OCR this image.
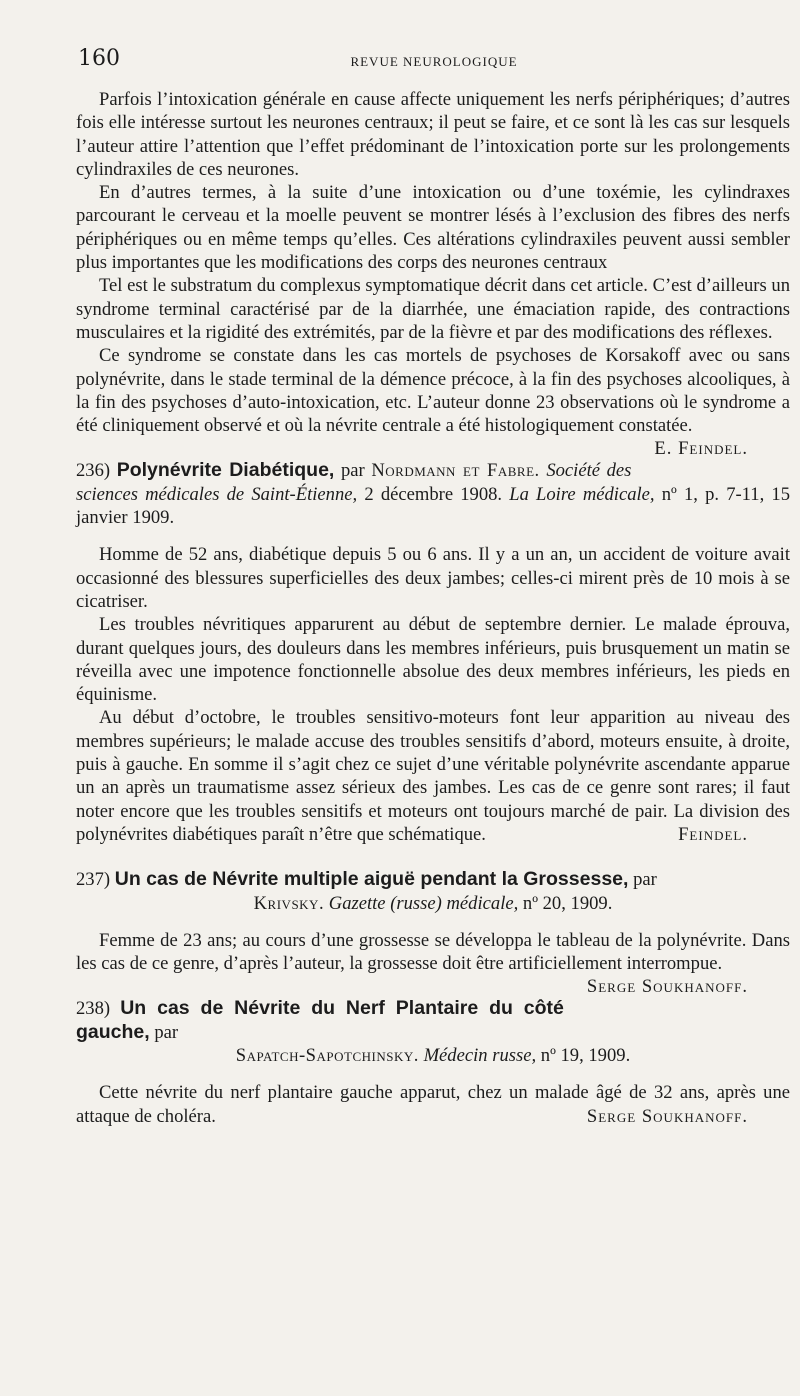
160	REVUE NEUROLOGIQUE

Parfois l’intoxication générale en cause affecte uniquement les nerfs périphériques; d’autres fois elle intéresse surtout les neurones centraux; il peut se faire, et ce sont là les cas sur lesquels l’auteur attire l’attention que l’effet prédominant de l’intoxication porte sur les prolongements cylindraxiles de ces neurones.

En d’autres termes, à la suite d’une intoxication ou d’une toxémie, les cylindraxes parcourant le cerveau et la moelle peuvent se montrer lésés à l’exclusion des fibres des nerfs périphériques ou en même temps qu’elles. Ces altérations cylindraxiles peuvent aussi sembler plus importantes que les modifications des corps des neurones centraux

Tel est le substratum du complexus symptomatique décrit dans cet article. C’est d’ailleurs un syndrome terminal caractérisé par de la diarrhée, une émaciation rapide, des contractions musculaires et la rigidité des extrémités, par de la fièvre et par des modifications des réflexes.

Ce syndrome se constate dans les cas mortels de psychoses de Korsakoff avec ou sans polynévrite, dans le stade terminal de la démence précoce, à la fin des psychoses alcooliques, à la fin des psychoses d’auto-intoxication, etc. L’auteur donne 23 observations où le syndrome a été cliniquement observé et où la névrite centrale a été histologiquement constatée.
E. Feindel.

236) Polynévrite Diabétique, par Nordmann et Fabre. Société des sciences médicales de Saint-Étienne, 2 décembre 1908. La Loire médicale, nº 1, p. 7-11, 15 janvier 1909.

Homme de 52 ans, diabétique depuis 5 ou 6 ans. Il y a un an, un accident de voiture avait occasionné des blessures superficielles des deux jambes; celles-ci mirent près de 10 mois à se cicatriser.

Les troubles névritiques apparurent au début de septembre dernier. Le malade éprouva, durant quelques jours, des douleurs dans les membres inférieurs, puis brusquement un matin se réveilla avec une impotence fonctionnelle absolue des deux membres inférieurs, les pieds en équinisme.

Au début d’octobre, le troubles sensitivo-moteurs font leur apparition au niveau des membres supérieurs; le malade accuse des troubles sensitifs d’abord, moteurs ensuite, à droite, puis à gauche. En somme il s’agit chez ce sujet d’une véritable polynévrite ascendante apparue un an après un traumatisme assez sérieux des jambes. Les cas de ce genre sont rares; il faut noter encore que les troubles sensitifs et moteurs ont toujours marché de pair. La division des polynévrites diabétiques paraît n’être que schématique.	Feindel.

237) Un cas de Névrite multiple aiguë pendant la Grossesse, par
Krivsky. Gazette (russe) médicale, nº 20, 1909.

Femme de 23 ans; au cours d’une grossesse se développa le tableau de la polynévrite. Dans les cas de ce genre, d’après l’auteur, la grossesse doit être artificiellement interrompue.
Serge Soukhanoff.

238) Un cas de Névrite du Nerf Plantaire du côté gauche, par
Sapatch-Sapotchinsky. Médecin russe, nº 19, 1909.

Cette névrite du nerf plantaire gauche apparut, chez un malade âgé de 32 ans, après une attaque de choléra.	Serge Soukhanoff.
